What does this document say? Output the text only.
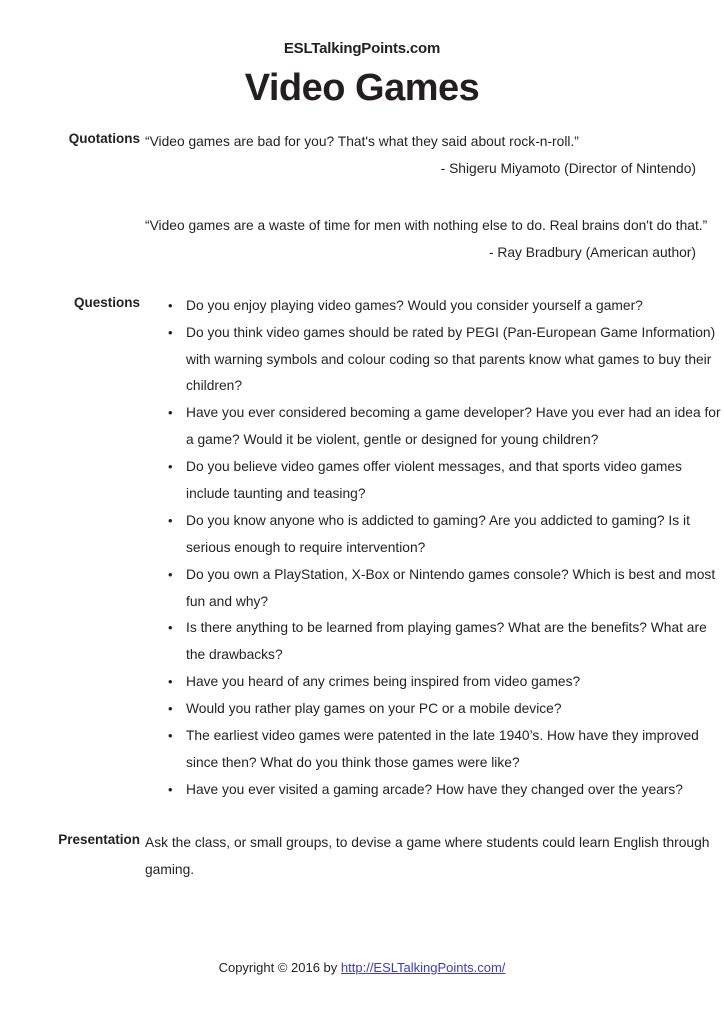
ESLTalkingPoints.com
Video Games
Quotations “Video games are bad for you? That's what they said about rock-n-roll.”

- Shigeru Miyamoto (Director of Nintendo)

“Video games are a waste of time for men with nothing else to do. Real brains don't do that.”

- Ray Bradbury (American author)

Questions • Do you enjoy playing video games? Would you consider yourself a gamer?
• Do you think video games should be rated by PEGI (Pan-European Game Information) with warning symbols and colour coding so that parents know what games to buy their children?
• Have you ever considered becoming a game developer? Have you ever had an idea for a game? Would it be violent, gentle or designed for young children?
• Do you believe video games offer violent messages, and that sports video games include taunting and teasing?
• Do you know anyone who is addicted to gaming? Are you addicted to gaming? Is it serious enough to require intervention?
• Do you own a PlayStation, X-Box or Nintendo games console? Which is best and most fun and why?
• Is there anything to be learned from playing games? What are the benefits? What are the drawbacks?
• Have you heard of any crimes being inspired from video games?
• Would you rather play games on your PC or a mobile device?
• The earliest video games were patented in the late 1940’s. How have they improved since then? What do you think those games were like?
• Have you ever visited a gaming arcade? How have they changed over the years?
Presentation Ask the class, or small groups, to devise a game where students could learn English through gaming.

Copyright © 2016 by http://ESLTalkingPoints.com/
